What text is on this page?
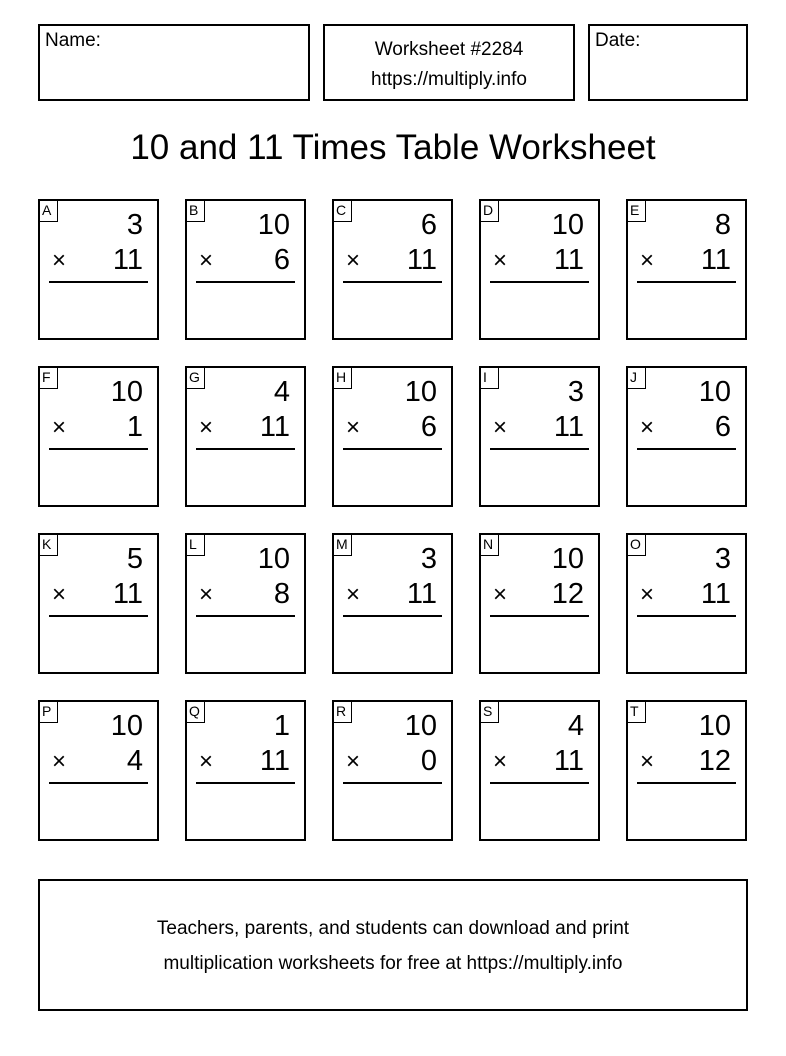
Name:	Worksheet #2284
https://multiply.info
Date:
10 and 11 Times Table Worksheet
A	3
× 11
B 10
× 6
C	6
× 11
D 10
× 11
E	8
× 11
F 10
× 1
G	4
× 11
H 10
× 6
I	3
× 11
J	10
× 6
K	5
× 11
L 10
× 8
M	3
× 11
N 10
× 12
O	3
× 11
P 10
× 4
Q	1
× 11
R 10
× 0
S	4
× 11
T 10
× 12
Teachers, parents, and students can download and print
multiplication worksheets for free at https://multiply.info
